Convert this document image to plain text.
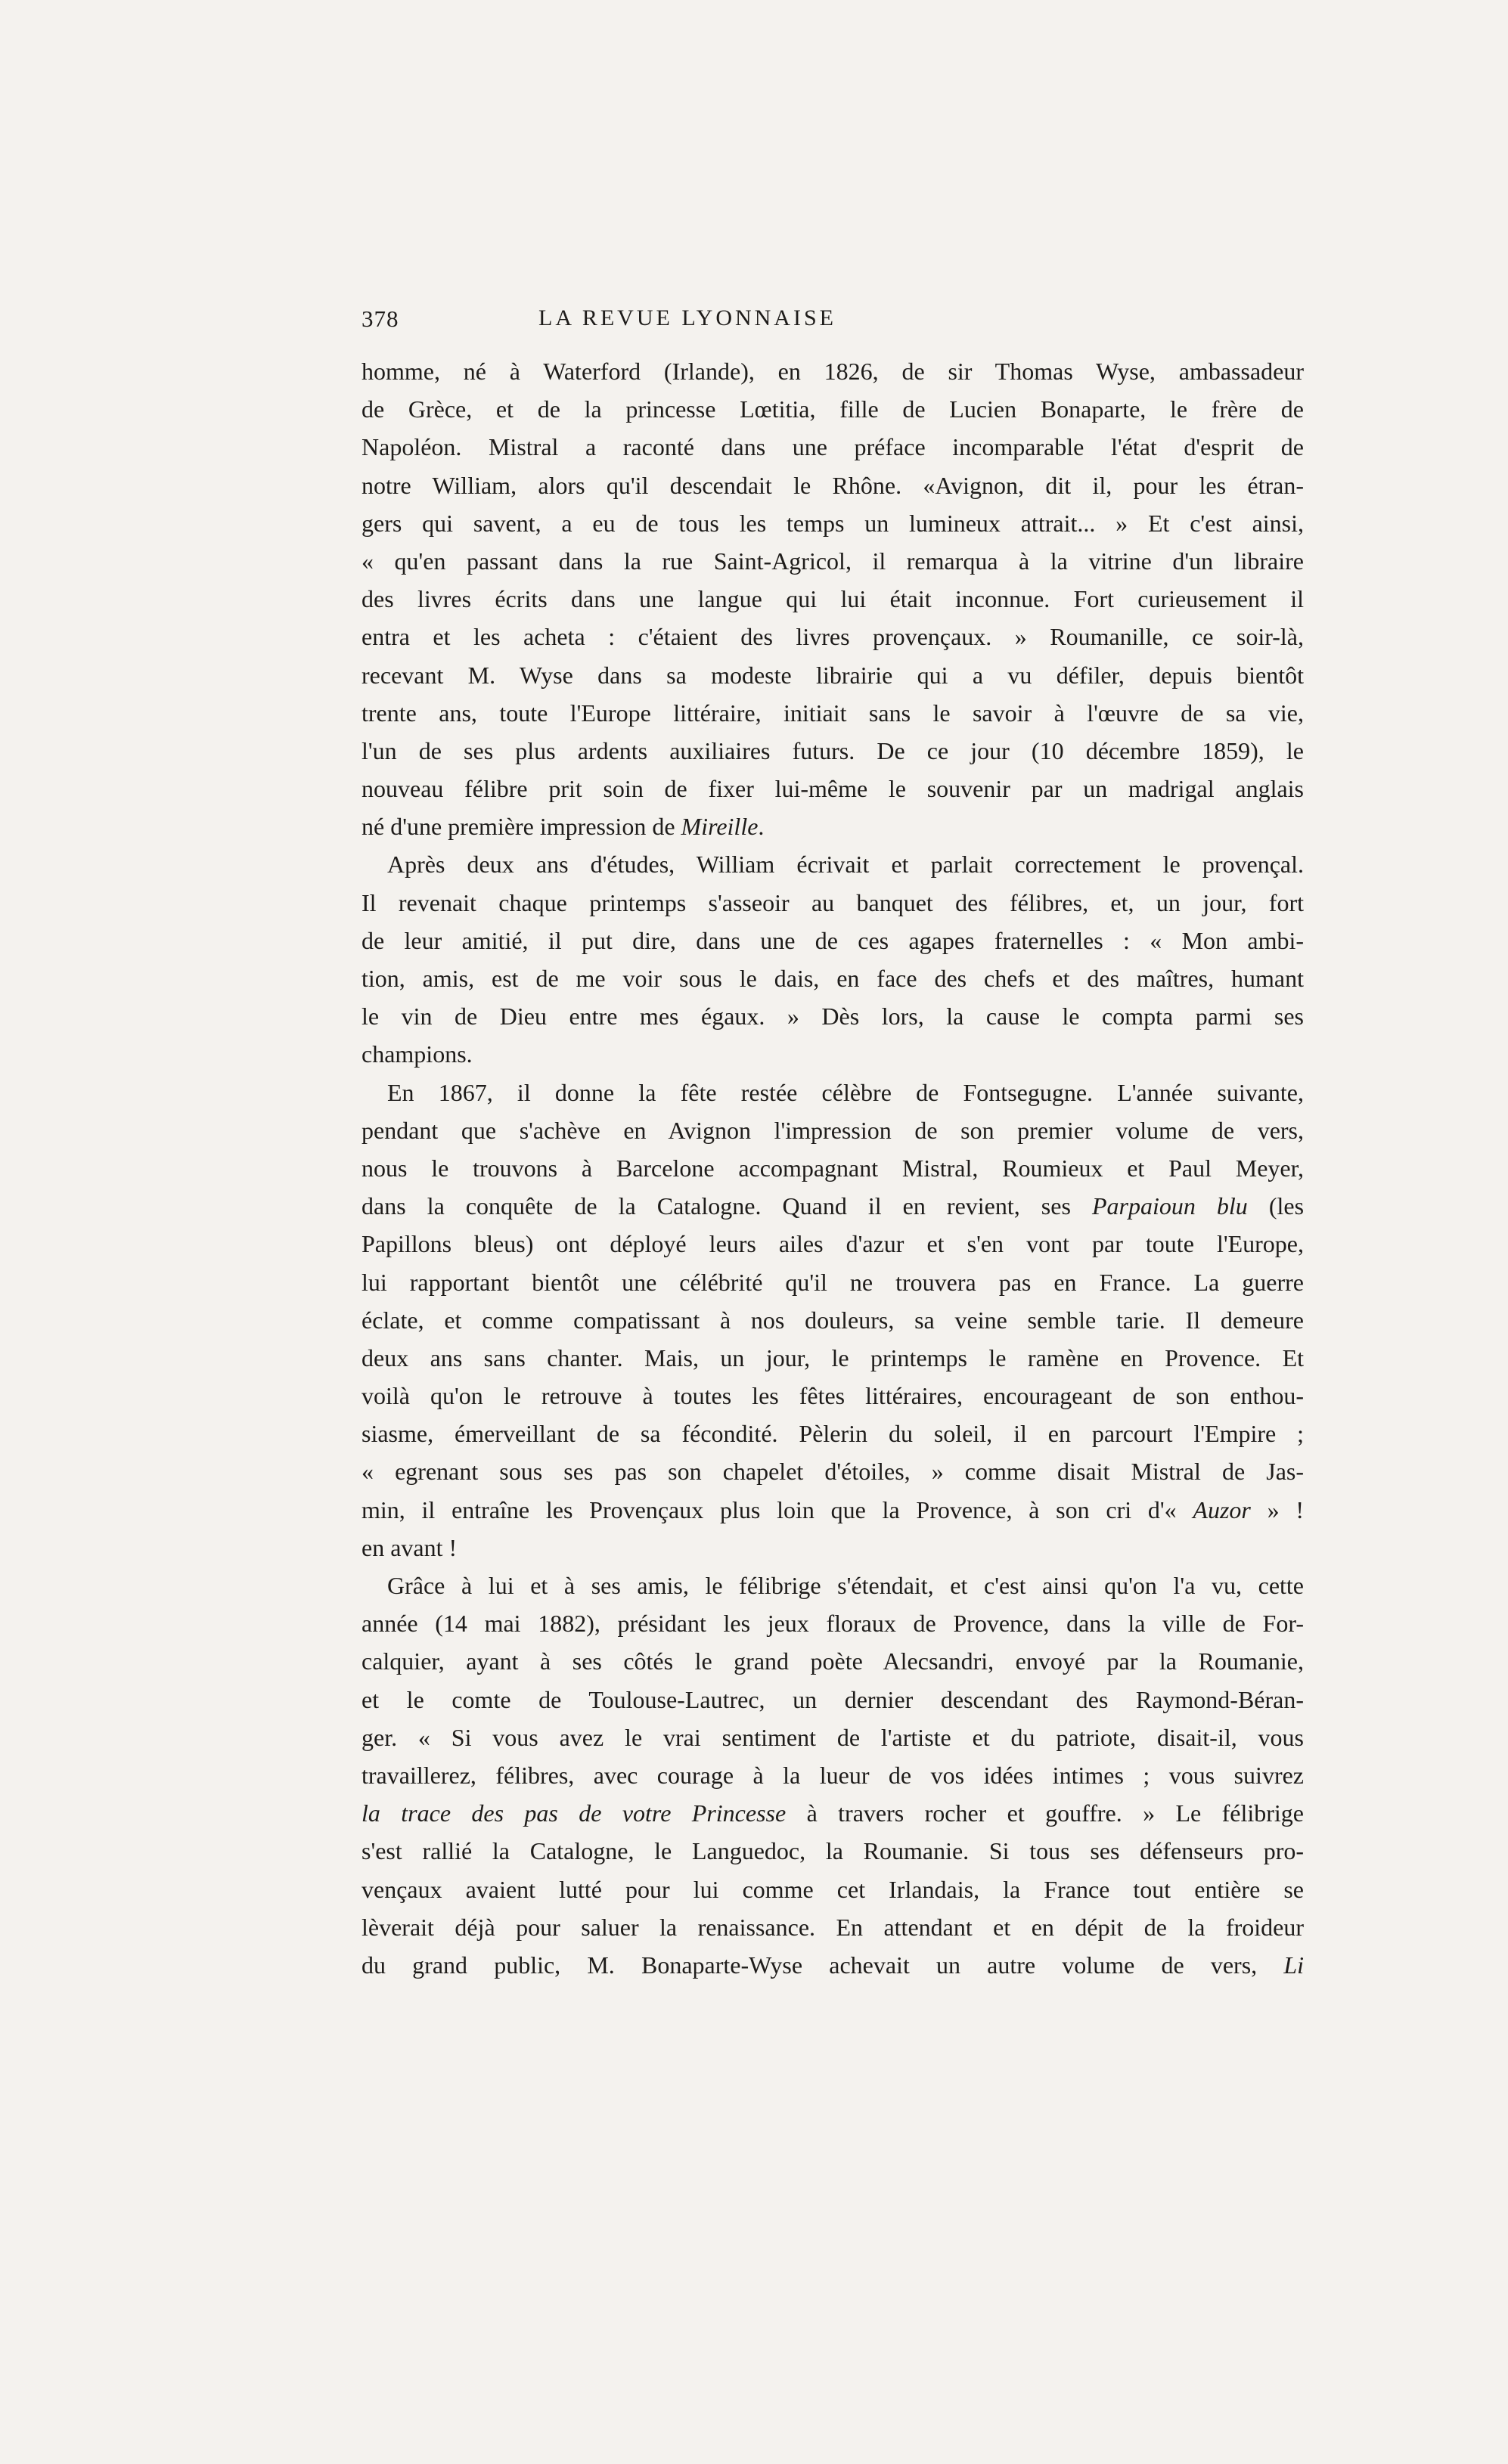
378	LA REVUE LYONNAISE
homme, né à Waterford (Irlande), en 1826, de sir Thomas Wyse, ambassadeur
de Grèce, et de la princesse Lœtitia, fille de Lucien Bonaparte, le frère de
Napoléon. Mistral a raconté dans une préface incomparable l'état d'esprit de
notre William, alors qu'il descendait le Rhône. «Avignon, dit il, pour les étran-
gers qui savent, a eu de tous les temps un lumineux attrait... » Et c'est ainsi,
« qu'en passant dans la rue Saint-Agricol, il remarqua à la vitrine d'un libraire
des livres écrits dans une langue qui lui était inconnue. Fort curieusement il
entra et les acheta : c'étaient des livres provençaux. » Roumanille, ce soir-là,
recevant M. Wyse dans sa modeste librairie qui a vu défiler, depuis bientôt
trente ans, toute l'Europe littéraire, initiait sans le savoir à l'œuvre de sa vie,
l'un de ses plus ardents auxiliaires futurs. De ce jour (10 décembre 1859), le
nouveau félibre prit soin de fixer lui-même le souvenir par un madrigal anglais
né d'une première impression de Mireille.
Après deux ans d'études, William écrivait et parlait correctement le provençal.
Il revenait chaque printemps s'asseoir au banquet des félibres, et, un jour, fort
de leur amitié, il put dire, dans une de ces agapes fraternelles : « Mon ambi-
tion, amis, est de me voir sous le dais, en face des chefs et des maîtres, humant
le vin de Dieu entre mes égaux. » Dès lors, la cause le compta parmi ses
champions.
En 1867, il donne la fête restée célèbre de Fontsegugne. L'année suivante,
pendant que s'achève en Avignon l'impression de son premier volume de vers,
nous le trouvons à Barcelone accompagnant Mistral, Roumieux et Paul Meyer,
dans la conquête de la Catalogne. Quand il en revient, ses Parpaioun blu (les
Papillons bleus) ont déployé leurs ailes d'azur et s'en vont par toute l'Europe,
lui rapportant bientôt une célébrité qu'il ne trouvera pas en France. La guerre
éclate, et comme compatissant à nos douleurs, sa veine semble tarie. Il demeure
deux ans sans chanter. Mais, un jour, le printemps le ramène en Provence. Et
voilà qu'on le retrouve à toutes les fêtes littéraires, encourageant de son enthou-
siasme, émerveillant de sa fécondité. Pèlerin du soleil, il en parcourt l'Empire ;
« egrenant sous ses pas son chapelet d'étoiles, » comme disait Mistral de Jas-
min, il entraîne les Provençaux plus loin que la Provence, à son cri d'« Auzor » !
en avant !
Grâce à lui et à ses amis, le félibrige s'étendait, et c'est ainsi qu'on l'a vu, cette
année (14 mai 1882), présidant les jeux floraux de Provence, dans la ville de For-
calquier, ayant à ses côtés le grand poète Alecsandri, envoyé par la Roumanie,
et le comte de Toulouse-Lautrec, un dernier descendant des Raymond-Béran-
ger. « Si vous avez le vrai sentiment de l'artiste et du patriote, disait-il, vous
travaillerez, félibres, avec courage à la lueur de vos idées intimes ; vous suivrez
la trace des pas de votre Princesse à travers rocher et gouffre. » Le félibrige
s'est rallié la Catalogne, le Languedoc, la Roumanie. Si tous ses défenseurs pro-
vençaux avaient lutté pour lui comme cet Irlandais, la France tout entière se
lèverait déjà pour saluer la renaissance. En attendant et en dépit de la froideur
du grand public, M. Bonaparte-Wyse achevait un autre volume de vers, Li
